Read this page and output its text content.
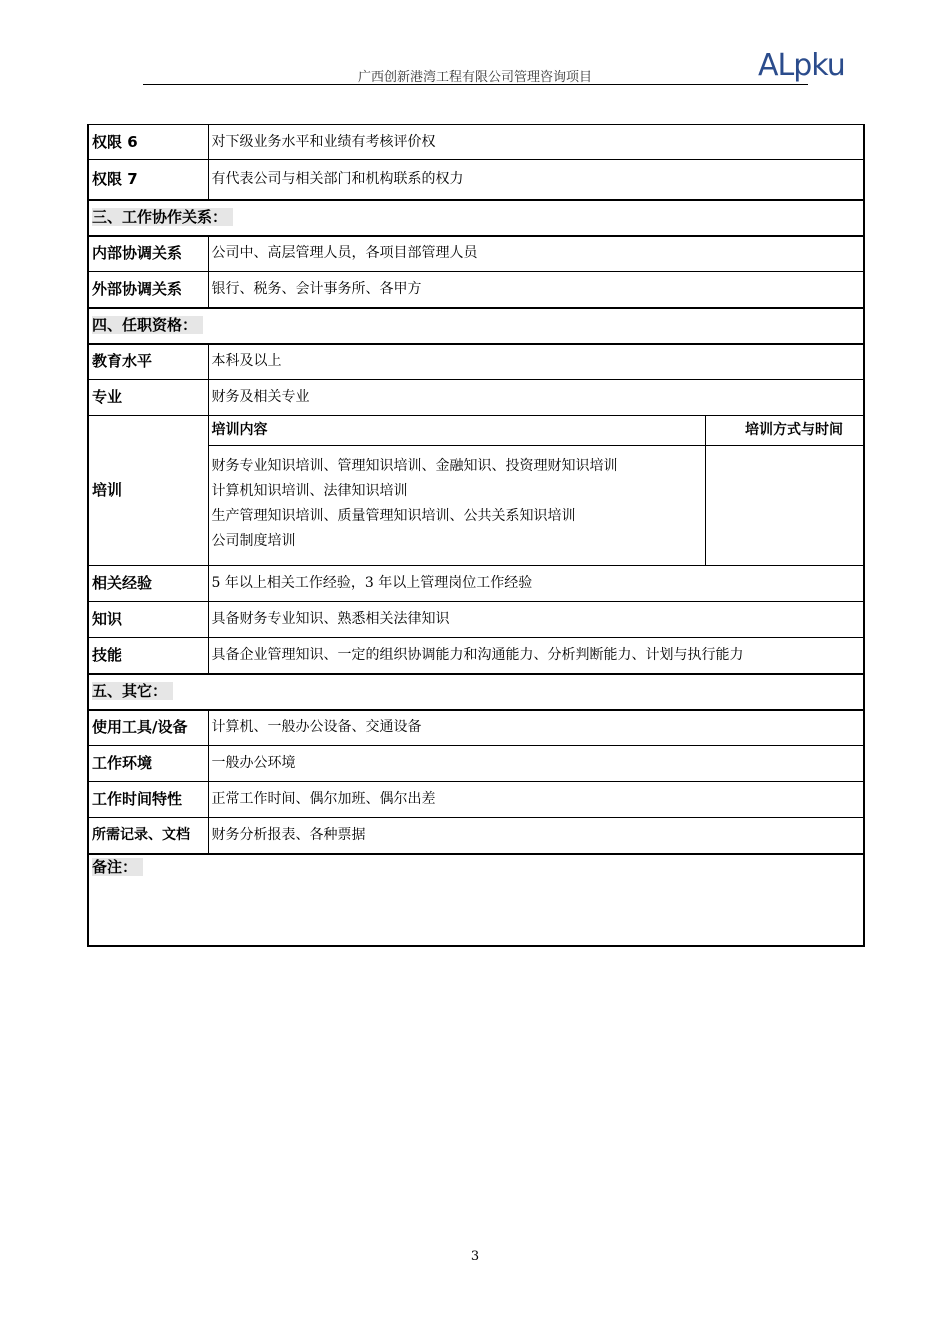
广西创新港湾工程有限公司管理咨询项目	ALpku
权限 6	对下级业务水平和业绩有考核评价权	
权限 7	有代表公司与相关部门和机构联系的权力	
三、工作协作关系：		
内部协调关系	公司中、高层管理人员，各项目部管理人员	
外部协调关系	银行、税务、会计事务所、各甲方	
四、任职资格：		
教育水平	本科及以上	
专业	财务及相关专业	
培训	培训内容	培训方式与时间

	财务专业知识培训、管理知识培训、金融知识、投资理财知识培训
计算机知识培训、法律知识培训
生产管理知识培训、质量管理知识培训、公共关系知识培训
公司制度培训	

相关经验	5 年以上相关工作经验，3 年以上管理岗位工作经验	
知识	具备财务专业知识、熟悉相关法律知识	
技能	具备企业管理知识、一定的组织协调能力和沟通能力、分析判断能力、计划与执行能力	
五、其它：		
使用工具/设备	计算机、一般办公设备、交通设备	
工作环境	一般办公环境	
工作时间特性	正常工作时间、偶尔加班、偶尔出差	
所需记录、文档	财务分析报表、各种票据	
备注：		
3
